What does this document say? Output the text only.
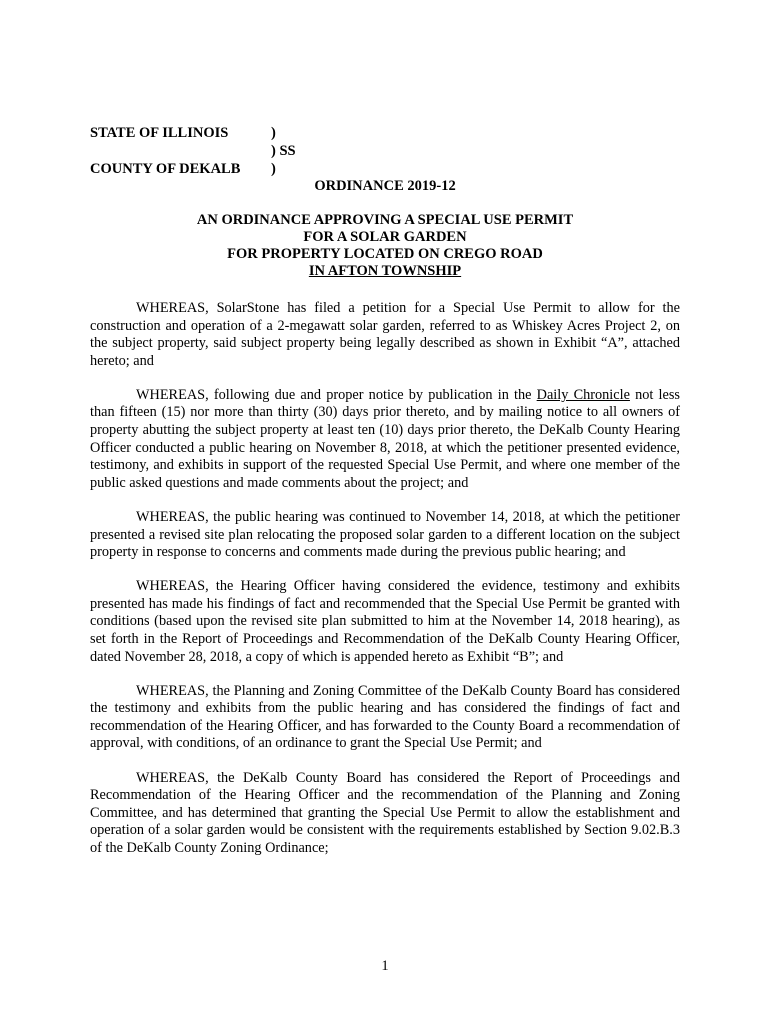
STATE OF ILLINOIS
COUNTY OF DEKALB
)
) SS
)
ORDINANCE 2019-12
AN ORDINANCE APPROVING A SPECIAL USE PERMIT
FOR A SOLAR GARDEN
FOR PROPERTY LOCATED ON CREGO ROAD
IN AFTON TOWNSHIP

WHEREAS, SolarStone has filed a petition for a Special Use Permit to allow for the construction and operation of a 2-megawatt solar garden, referred to as Whiskey Acres Project 2, on the subject property, said subject property being legally described as shown in Exhibit “A”, attached hereto; and

WHEREAS, following due and proper notice by publication in the Daily Chronicle not less than fifteen (15) nor more than thirty (30) days prior thereto, and by mailing notice to all owners of property abutting the subject property at least ten (10) days prior thereto, the DeKalb County Hearing Officer conducted a public hearing on November 8, 2018, at which the petitioner presented evidence, testimony, and exhibits in support of the requested Special Use Permit, and where one member of the public asked questions and made comments about the project; and

WHEREAS, the public hearing was continued to November 14, 2018, at which the petitioner presented a revised site plan relocating the proposed solar garden to a different location on the subject property in response to concerns and comments made during the previous public hearing; and

WHEREAS, the Hearing Officer having considered the evidence, testimony and exhibits presented has made his findings of fact and recommended that the Special Use Permit be granted with conditions (based upon the revised site plan submitted to him at the November 14, 2018 hearing), as set forth in the Report of Proceedings and Recommendation of the DeKalb County Hearing Officer, dated November 28, 2018, a copy of which is appended hereto as Exhibit “B”; and

WHEREAS, the Planning and Zoning Committee of the DeKalb County Board has considered the testimony and exhibits from the public hearing and has considered the findings of fact and recommendation of the Hearing Officer, and has forwarded to the County Board a recommendation of approval, with conditions, of an ordinance to grant the Special Use Permit; and

WHEREAS, the DeKalb County Board has considered the Report of Proceedings and Recommendation of the Hearing Officer and the recommendation of the Planning and Zoning Committee, and has determined that granting the Special Use Permit to allow the establishment and operation of a solar garden would be consistent with the requirements established by Section 9.02.B.3 of the DeKalb County Zoning Ordinance;

1
